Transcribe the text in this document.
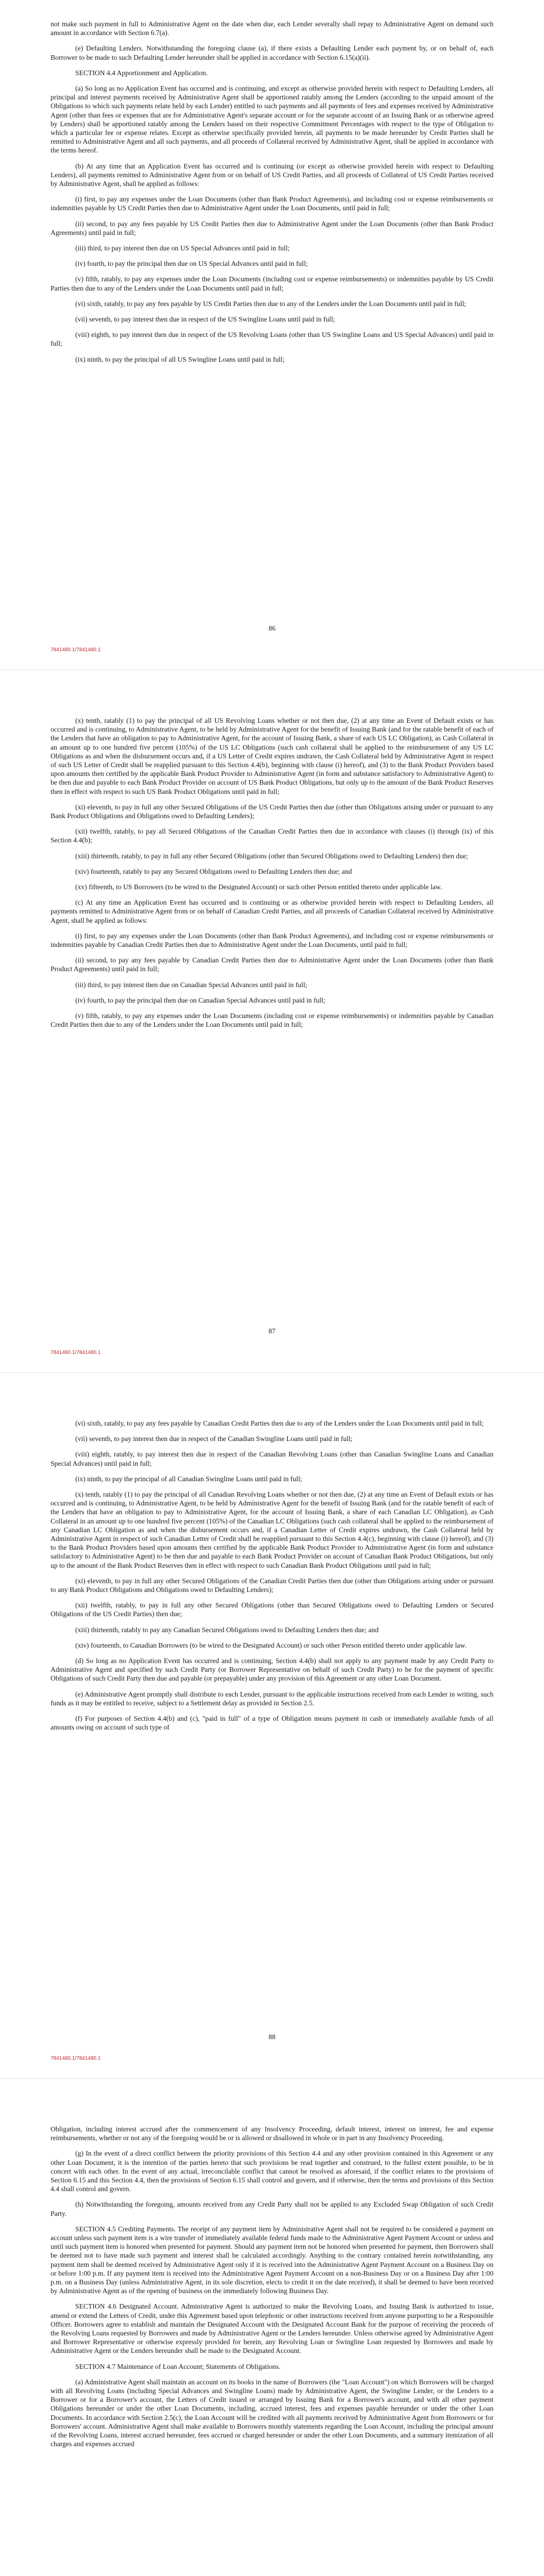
not make such payment in full to Administrative Agent on the date when due, each Lender severally shall repay to Administrative Agent on demand such amount in accordance with Section 6.7(a).

(e) Defaulting Lenders. Notwithstanding the foregoing clause (a), if there exists a Defaulting Lender each payment by, or on behalf of, each Borrower to be made to such Defaulting Lender hereunder shall be applied in accordance with Section 6.15(a)(ii).

SECTION 4.4 Apportionment and Application.

(a) So long as no Application Event has occurred and is continuing, and except as otherwise provided herein with respect to Defaulting Lenders, all principal and interest payments received by Administrative Agent shall be apportioned ratably among the Lenders (according to the unpaid amount of the Obligations to which such payments relate held by each Lender) entitled to such payments and all payments of fees and expenses received by Administrative Agent (other than fees or expenses that are for Administrative Agent's separate account or for the separate account of an Issuing Bank or as otherwise agreed by Lenders) shall be apportioned ratably among the Lenders based on their respective Commitment Percentages with respect to the type of Obligation to which a particular fee or expense relates. Except as otherwise specifically provided herein, all payments to be made hereunder by Credit Parties shall be remitted to Administrative Agent and all such payments, and all proceeds of Collateral received by Administrative Agent, shall be applied in accordance with the terms hereof.

(b) At any time that an Application Event has occurred and is continuing (or except as otherwise provided herein with respect to Defaulting Lenders), all payments remitted to Administrative Agent from or on behalf of US Credit Parties, and all proceeds of Collateral of US Credit Parties received by Administrative Agent, shall be applied as follows:

(i) first, to pay any expenses under the Loan Documents (other than Bank Product Agreements), and including cost or expense reimbursements or indemnities payable by US Credit Parties then due to Administrative Agent under the Loan Documents, until paid in full;

(ii) second, to pay any fees payable by US Credit Parties then due to Administrative Agent under the Loan Documents (other than Bank Product Agreements) until paid in full;

(iii) third, to pay interest then due on US Special Advances until paid in full;

(iv) fourth, to pay the principal then due on US Special Advances until paid in full;

(v) fifth, ratably, to pay any expenses under the Loan Documents (including cost or expense reimbursements) or indemnities payable by US Credit Parties then due to any of the Lenders under the Loan Documents until paid in full;

(vi) sixth, ratably, to pay any fees payable by US Credit Parties then due to any of the Lenders under the Loan Documents until paid in full;

(vii) seventh, to pay interest then due in respect of the US Swingline Loans until paid in full;

(viii) eighth, to pay interest then due in respect of the US Revolving Loans (other than US Swingline Loans and US Special Advances) until paid in full;

(ix) ninth, to pay the principal of all US Swingline Loans until paid in full;

86
7841480.1/7841480.1

(x) tenth, ratably (1) to pay the principal of all US Revolving Loans whether or not then due, (2) at any time an Event of Default exists or has occurred and is continuing, to Administrative Agent, to be held by Administrative Agent for the benefit of Issuing Bank (and for the ratable benefit of each of the Lenders that have an obligation to pay to Administrative Agent, for the account of Issuing Bank, a share of each US LC Obligation), as Cash Collateral in an amount up to one hundred five percent (105%) of the US LC Obligations (such cash collateral shall be applied to the reimbursement of any US LC Obligations as and when the disbursement occurs and, if a US Letter of Credit expires undrawn, the Cash Collateral held by Administrative Agent in respect of such US Letter of Credit shall be reapplied pursuant to this Section 4.4(b), beginning with clause (i) hereof), and (3) to the Bank Product Providers based upon amounts then certified by the applicable Bank Product Provider to Administrative Agent (in form and substance satisfactory to Administrative Agent) to be then due and payable to each Bank Product Provider on account of US Bank Product Obligations, but only up to the amount of the Bank Product Reserves then in effect with respect to such US Bank Product Obligations until paid in full;

(xi) eleventh, to pay in full any other Secured Obligations of the US Credit Parties then due (other than Obligations arising under or pursuant to any Bank Product Obligations and Obligations owed to Defaulting Lenders);

(xii) twelfth, ratably, to pay all Secured Obligations of the Canadian Credit Parties then due in accordance with clauses (i) through (ix) of this Section 4.4(b);

(xiii) thirteenth, ratably, to pay in full any other Secured Obligations (other than Secured Obligations owed to Defaulting Lenders) then due;

(xiv) fourteenth, ratably to pay any Secured Obligations owed to Defaulting Lenders then due; and

(xv) fifteenth, to US Borrowers (to be wired to the Designated Account) or such other Person entitled thereto under applicable law.

(c) At any time an Application Event has occurred and is continuing or as otherwise provided herein with respect to Defaulting Lenders, all payments remitted to Administrative Agent from or on behalf of Canadian Credit Parties, and all proceeds of Canadian Collateral received by Administrative Agent, shall be applied as follows:

(i) first, to pay any expenses under the Loan Documents (other than Bank Product Agreements), and including cost or expense reimbursements or indemnities payable by Canadian Credit Parties then due to Administrative Agent under the Loan Documents, until paid in full;

(ii) second, to pay any fees payable by Canadian Credit Parties then due to Administrative Agent under the Loan Documents (other than Bank Product Agreements) until paid in full;

(iii) third, to pay interest then due on Canadian Special Advances until paid in full;

(iv) fourth, to pay the principal then due on Canadian Special Advances until paid in full;

(v) fifth, ratably, to pay any expenses under the Loan Documents (including cost or expense reimbursements) or indemnities payable by Canadian Credit Parties then due to any of the Lenders under the Loan Documents until paid in full;

87
7841480.1/7841480.1

(vi) sixth, ratably, to pay any fees payable by Canadian Credit Parties then due to any of the Lenders under the Loan Documents until paid in full;

(vii) seventh, to pay interest then due in respect of the Canadian Swingline Loans until paid in full;

(viii) eighth, ratably, to pay interest then due in respect of the Canadian Revolving Loans (other than Canadian Swingline Loans and Canadian Special Advances) until paid in full;

(ix) ninth, to pay the principal of all Canadian Swingline Loans until paid in full;

(x) tenth, ratably (1) to pay the principal of all Canadian Revolving Loans whether or not then due, (2) at any time an Event of Default exists or has occurred and is continuing, to Administrative Agent, to be held by Administrative Agent for the benefit of Issuing Bank (and for the ratable benefit of each of the Lenders that have an obligation to pay to Administrative Agent, for the account of Issuing Bank, a share of each Canadian LC Obligation), as Cash Collateral in an amount up to one hundred five percent (105%) of the Canadian LC Obligations (such cash collateral shall be applied to the reimbursement of any Canadian LC Obligation as and when the disbursement occurs and, if a Canadian Letter of Credit expires undrawn, the Cash Collateral held by Administrative Agent in respect of such Canadian Letter of Credit shall be reapplied pursuant to this Section 4.4(c), beginning with clause (i) hereof), and (3) to the Bank Product Providers based upon amounts then certified by the applicable Bank Product Provider to Administrative Agent (in form and substance satisfactory to Administrative Agent) to be then due and payable to each Bank Product Provider on account of Canadian Bank Product Obligations, but only up to the amount of the Bank Product Reserves then in effect with respect to such Canadian Bank Product Obligations until paid in full;

(xi) eleventh, to pay in full any other Secured Obligations of the Canadian Credit Parties then due (other than Obligations arising under or pursuant to any Bank Product Obligations and Obligations owed to Defaulting Lenders);

(xii) twelfth, ratably, to pay in full any other Secured Obligations (other than Secured Obligations owed to Defaulting Lenders or Secured Obligations of the US Credit Parties) then due;

(xiii) thirteenth, ratably to pay any Canadian Secured Obligations owed to Defaulting Lenders then due; and

(xiv) fourteenth, to Canadian Borrowers (to be wired to the Designated Account) or such other Person entitled thereto under applicable law.

(d) So long as no Application Event has occurred and is continuing, Section 4.4(b) shall not apply to any payment made by any Credit Party to Administrative Agent and specified by such Credit Party (or Borrower Representative on behalf of such Credit Party) to be for the payment of specific Obligations of such Credit Party then due and payable (or prepayable) under any provision of this Agreement or any other Loan Document.

(e) Administrative Agent promptly shall distribute to each Lender, pursuant to the applicable instructions received from each Lender in writing, such funds as it may be entitled to receive, subject to a Settlement delay as provided in Section 2.5.

(f) For purposes of Section 4.4(b) and (c), "paid in full" of a type of Obligation means payment in cash or immediately available funds of all amounts owing on account of such type of

88
7841480.1/7841480.1

Obligation, including interest accrued after the commencement of any Insolvency Proceeding, default interest, interest on interest, fee and expense reimbursements, whether or not any of the foregoing would be or is allowed or disallowed in whole or in part in any Insolvency Proceeding.

(g) In the event of a direct conflict between the priority provisions of this Section 4.4 and any other provision contained in this Agreement or any other Loan Document, it is the intention of the parties hereto that such provisions be read together and construed, to the fullest extent possible, to be in concert with each other. In the event of any actual, irreconcilable conflict that cannot be resolved as aforesaid, if the conflict relates to the provisions of Section 6.15 and this Section 4.4, then the provisions of Section 6.15 shall control and govern, and if otherwise, then the terms and provisions of this Section 4.4 shall control and govern.

(h) Notwithstanding the foregoing, amounts received from any Credit Party shall not be applied to any Excluded Swap Obligation of such Credit Party.

SECTION 4.5 Crediting Payments. The receipt of any payment item by Administrative Agent shall not be required to be considered a payment on account unless such payment item is a wire transfer of immediately available federal funds made to the Administrative Agent Payment Account or unless and until such payment item is honored when presented for payment. Should any payment item not be honored when presented for payment, then Borrowers shall be deemed not to have made such payment and interest shall be calculated accordingly. Anything to the contrary contained herein notwithstanding, any payment item shall be deemed received by Administrative Agent only if it is received into the Administrative Agent Payment Account on a Business Day on or before 1:00 p.m. If any payment item is received into the Administrative Agent Payment Account on a non-Business Day or on a Business Day after 1:00 p.m. on a Business Day (unless Administrative Agent, in its sole discretion, elects to credit it on the date received), it shall be deemed to have been received by Administrative Agent as of the opening of business on the immediately following Business Day.

SECTION 4.6 Designated Account. Administrative Agent is authorized to make the Revolving Loans, and Issuing Bank is authorized to issue, amend or extend the Letters of Credit, under this Agreement based upon telephonic or other instructions received from anyone purporting to be a Responsible Officer. Borrowers agree to establish and maintain the Designated Account with the Designated Account Bank for the purpose of receiving the proceeds of the Revolving Loans requested by Borrowers and made by Administrative Agent or the Lenders hereunder. Unless otherwise agreed by Administrative Agent and Borrower Representative or otherwise expressly provided for herein, any Revolving Loan or Swingline Loan requested by Borrowers and made by Administrative Agent or the Lenders hereunder shall be made to the Designated Account.

SECTION 4.7 Maintenance of Loan Account; Statements of Obligations.

(a) Administrative Agent shall maintain an account on its books in the name of Borrowers (the "Loan Account") on which Borrowers will be charged with all Revolving Loans (including Special Advances and Swingline Loans) made by Administrative Agent, the Swingline Lender, or the Lenders to a Borrower or for a Borrower's account, the Letters of Credit issued or arranged by Issuing Bank for a Borrower's account, and with all other payment Obligations hereunder or under the other Loan Documents, including, accrued interest, fees and expenses payable hereunder or under the other Loan Documents. In accordance with Section 2.5(c), the Loan Account will be credited with all payments received by Administrative Agent from Borrowers or for Borrowers' account. Administrative Agent shall make available to Borrowers monthly statements regarding the Loan Account, including the principal amount of the Revolving Loans, interest accrued hereunder, fees accrued or charged hereunder or under the other Loan Documents, and a summary itemization of all charges and expenses accrued
